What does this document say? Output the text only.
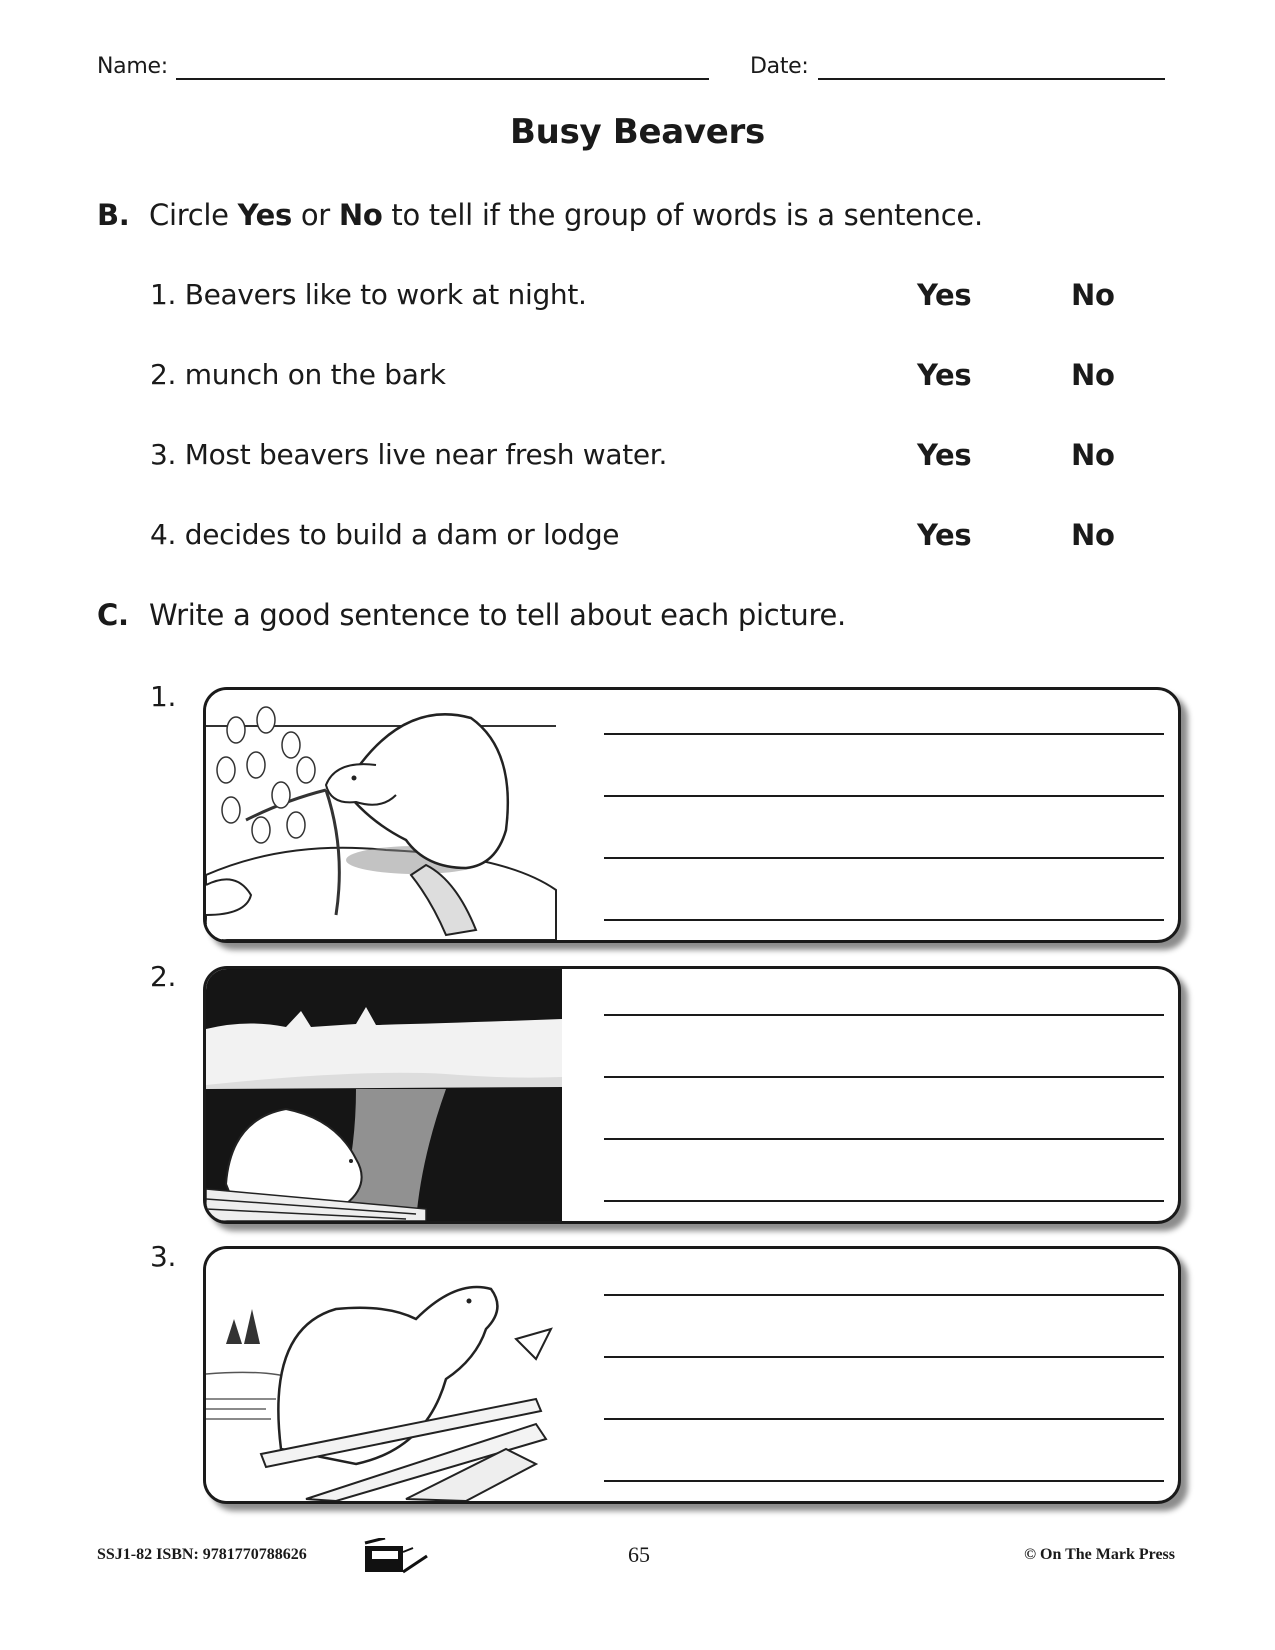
Name:	Date:
Busy Beavers
B. Circle Yes or No to tell if the group of words is a sentence.
1. Beavers like to work at night.	Yes	No
2. munch on the bark	Yes	No
3. Most beavers live near fresh water.	Yes	No
4. decides to build a dam or lodge	Yes	No
C. Write a good sentence to tell about each picture.
1.
2.
3.
SSJ1-82 ISBN: 9781770788626	65	© On The Mark Press
